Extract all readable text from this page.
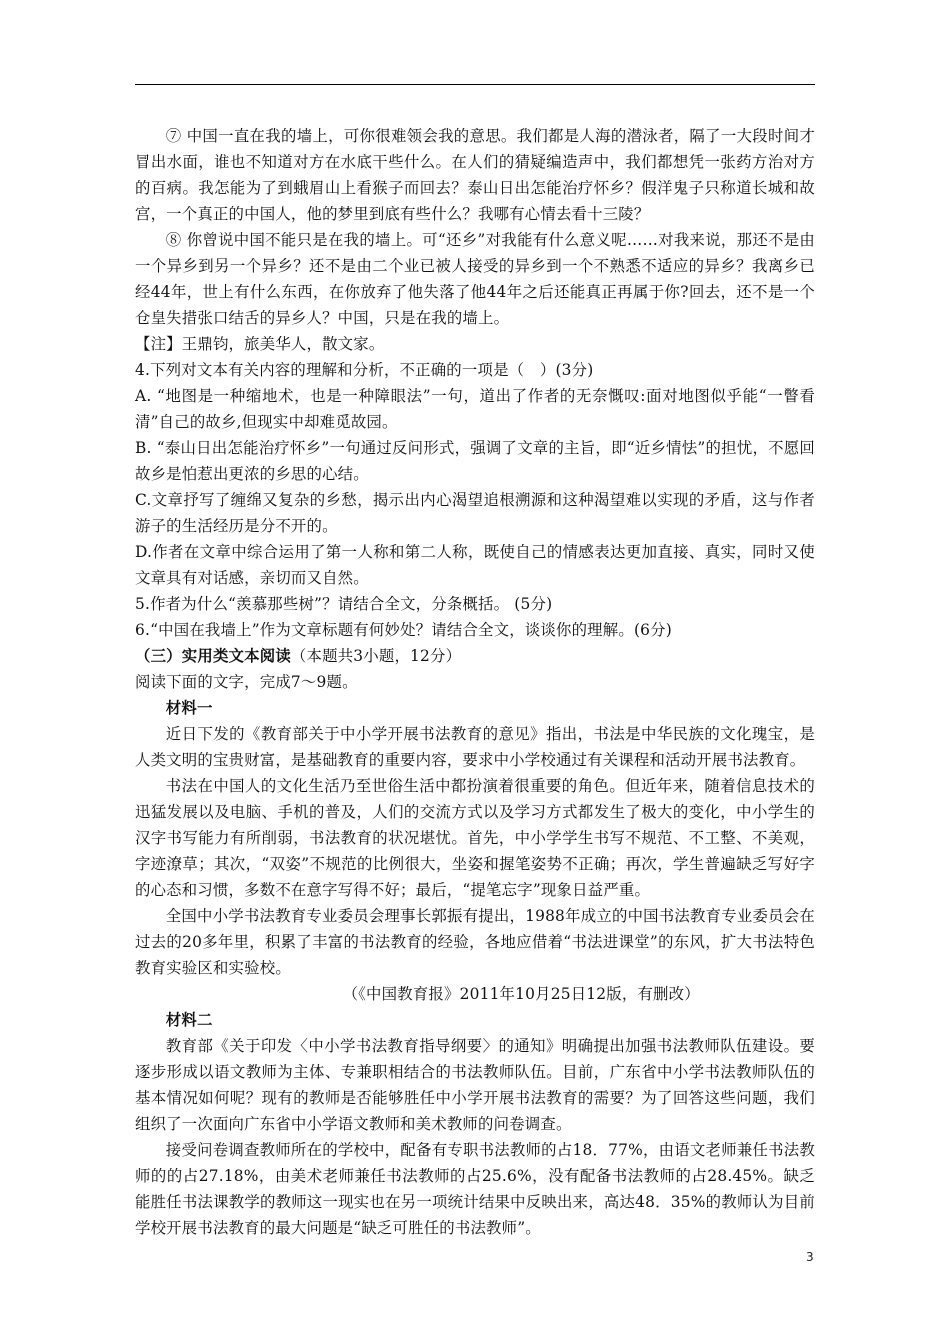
⑦ 中国一直在我的墙上，可你很难领会我的意思。我们都是人海的潜泳者，隔了一大段时间才冒出水面，谁也不知道对方在水底干些什么。在人们的猜疑编造声中，我们都想凭一张药方治对方的百病。我怎能为了到蛾眉山上看猴子而回去？泰山日出怎能治疗怀乡？假洋鬼子只称道长城和故宫，一个真正的中国人，他的梦里到底有些什么？我哪有心情去看十三陵？

⑧ 你曾说中国不能只是在我的墙上。可“还乡”对我能有什么意义呢……对我来说，那还不是由一个异乡到另一个异乡？还不是由二个业已被人接受的异乡到一个不熟悉不适应的异乡？我离乡已经44年，世上有什么东西，在你放弃了他失落了他44年之后还能真正再属于你?回去，还不是一个仓皇失措张口结舌的异乡人？中国，只是在我的墙上。

【注】王鼎钧，旅美华人，散文家。

4.下列对文本有关内容的理解和分析，不正确的一项是（　）(3分)

A. “地图是一种缩地术，也是一种障眼法”一句，道出了作者的无奈慨叹:面对地图似乎能“一瞥看清”自己的故乡,但现实中却难觅故园。

B. “泰山日出怎能治疗怀乡”一句通过反问形式，强调了文章的主旨，即“近乡情怯”的担忧，不愿回故乡是怕惹出更浓的乡思的心结。

C.文章抒写了缠绵又复杂的乡愁，揭示出内心渴望追根溯源和这种渴望难以实现的矛盾，这与作者游子的生活经历是分不开的。

D.作者在文章中综合运用了第一人称和第二人称，既使自己的情感表达更加直接、真实，同时又使文章具有对话感，亲切而又自然。

5.作者为什么“羡慕那些树”？请结合全文，分条概括。 (5分)

6.“中国在我墙上”作为文章标题有何妙处？请结合全文，谈谈你的理解。(6分)

（三）实用类文本阅读（本题共3小题，12分）

阅读下面的文字，完成7～9题。

材料一

近日下发的《教育部关于中小学开展书法教育的意见》指出，书法是中华民族的文化瑰宝，是人类文明的宝贵财富，是基础教育的重要内容，要求中小学校通过有关课程和活动开展书法教育。

书法在中国人的文化生活乃至世俗生活中都扮演着很重要的角色。但近年来，随着信息技术的迅猛发展以及电脑、手机的普及，人们的交流方式以及学习方式都发生了极大的变化，中小学生的汉字书写能力有所削弱，书法教育的状况堪忧。首先，中小学学生书写不规范、不工整、不美观，字迹潦草；其次，“双姿”不规范的比例很大，坐姿和握笔姿势不正确；再次，学生普遍缺乏写好字的心态和习惯，多数不在意字写得不好；最后，“提笔忘字”现象日益严重。

全国中小学书法教育专业委员会理事长郭振有提出，1988年成立的中国书法教育专业委员会在过去的20多年里，积累了丰富的书法教育的经验，各地应借着“书法进课堂”的东风，扩大书法特色教育实验区和实验校。

（《中国教育报》2011年10月25日12版，有删改）

材料二

教育部《关于印发〈中小学书法教育指导纲要〉的通知》明确提出加强书法教师队伍建设。要逐步形成以语文教师为主体、专兼职相结合的书法教师队伍。目前，广东省中小学书法教师队伍的基本情况如何呢？现有的教师是否能够胜任中小学开展书法教育的需要？为了回答这些问题，我们组织了一次面向广东省中小学语文教师和美术教师的问卷调查。

接受问卷调查教师所在的学校中，配备有专职书法教师的占18．77%，由语文老师兼任书法教师的的占27.18%，由美术老师兼任书法教师的占25.6%，没有配备书法教师的占28.45%。缺乏能胜任书法课教学的教师这一现实也在另一项统计结果中反映出来，高达48．35%的教师认为目前学校开展书法教育的最大问题是“缺乏可胜任的书法教师”。

3
